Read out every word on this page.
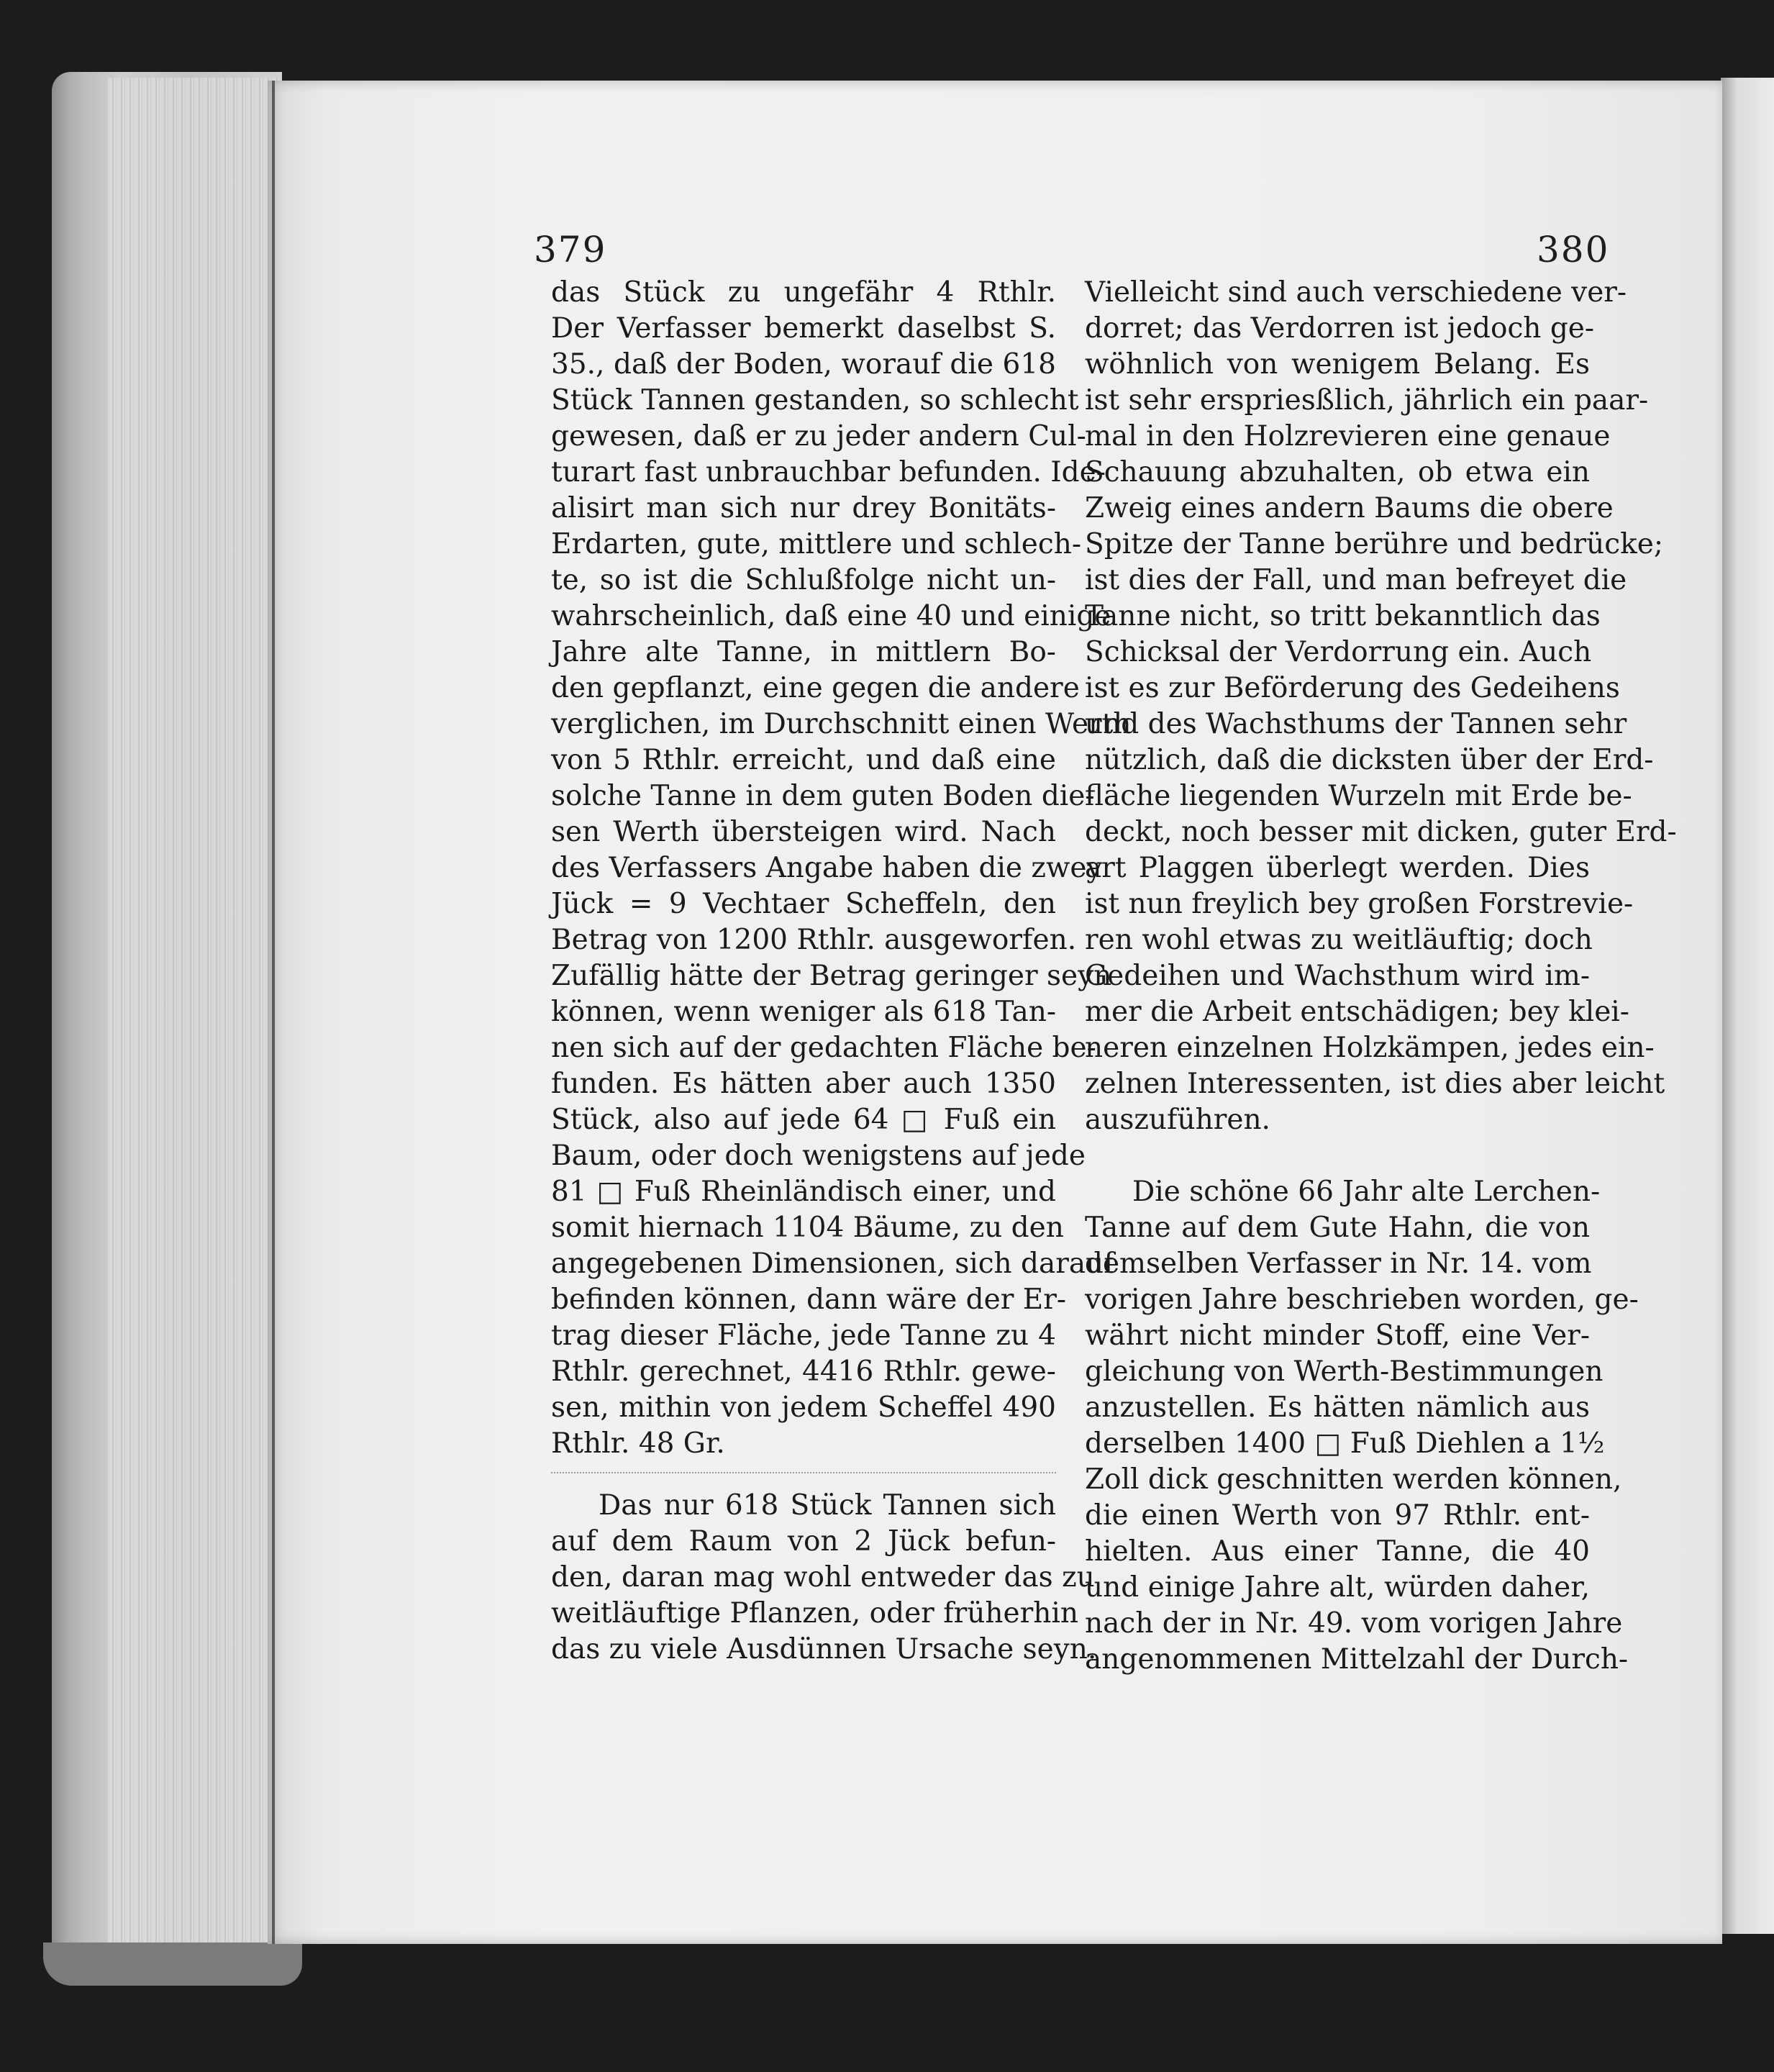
379	380
das Stück zu ungefähr 4 Rthlr.
Der Verfasser bemerkt daselbst S.
35., daß der Boden, worauf die 618
Stück Tannen gestanden, so schlecht
gewesen, daß er zu jeder andern Cul-
turart fast unbrauchbar befunden. Ide-
alisirt man sich nur drey Bonitäts-
Erdarten, gute, mittlere und schlech-
te, so ist die Schlußfolge nicht un-
wahrscheinlich, daß eine 40 und einige
Jahre alte Tanne, in mittlern Bo-
den gepflanzt, eine gegen die andere
verglichen, im Durchschnitt einen Werth
von 5 Rthlr. erreicht, und daß eine
solche Tanne in dem guten Boden die-
sen Werth übersteigen wird. Nach
des Verfassers Angabe haben die zwey
Jück = 9 Vechtaer Scheffeln, den
Betrag von 1200 Rthlr. ausgeworfen.
Zufällig hätte der Betrag geringer seyn
können, wenn weniger als 618 Tan-
nen sich auf der gedachten Fläche be-
funden. Es hätten aber auch 1350
Stück, also auf jede 64 □ Fuß ein
Baum, oder doch wenigstens auf jede
81 □ Fuß Rheinländisch einer, und
somit hiernach 1104 Bäume, zu den
angegebenen Dimensionen, sich darauf
befinden können, dann wäre der Er-
trag dieser Fläche, jede Tanne zu 4
Rthlr. gerechnet, 4416 Rthlr. gewe-
sen, mithin von jedem Scheffel 490
Rthlr. 48 Gr.
Das nur 618 Stück Tannen sich
auf dem Raum von 2 Jück befun-
den, daran mag wohl entweder das zu
weitläuftige Pflanzen, oder früherhin
das zu viele Ausdünnen Ursache seyn.
Vielleicht sind auch verschiedene ver-
dorret; das Verdorren ist jedoch ge-
wöhnlich von wenigem Belang. Es
ist sehr erspriesßlich, jährlich ein paar-
mal in den Holzrevieren eine genaue
Schauung abzuhalten, ob etwa ein
Zweig eines andern Baums die obere
Spitze der Tanne berühre und bedrücke;
ist dies der Fall, und man befreyet die
Tanne nicht, so tritt bekanntlich das
Schicksal der Verdorrung ein. Auch
ist es zur Beförderung des Gedeihens
und des Wachsthums der Tannen sehr
nützlich, daß die dicksten über der Erd-
fläche liegenden Wurzeln mit Erde be-
deckt, noch besser mit dicken, guter Erd-
art Plaggen überlegt werden. Dies
ist nun freylich bey großen Forstrevie-
ren wohl etwas zu weitläuftig; doch
Gedeihen und Wachsthum wird im-
mer die Arbeit entschädigen; bey klei-
neren einzelnen Holzkämpen, jedes ein-
zelnen Interessenten, ist dies aber leicht
auszuführen.
Die schöne 66 Jahr alte Lerchen-
Tanne auf dem Gute Hahn, die von
demselben Verfasser in Nr. 14. vom
vorigen Jahre beschrieben worden, ge-
währt nicht minder Stoff, eine Ver-
gleichung von Werth-Bestimmungen
anzustellen. Es hätten nämlich aus
derselben 1400 □ Fuß Diehlen a 1½
Zoll dick geschnitten werden können,
die einen Werth von 97 Rthlr. ent-
hielten. Aus einer Tanne, die 40
und einige Jahre alt, würden daher,
nach der in Nr. 49. vom vorigen Jahre
angenommenen Mittelzahl der Durch-
